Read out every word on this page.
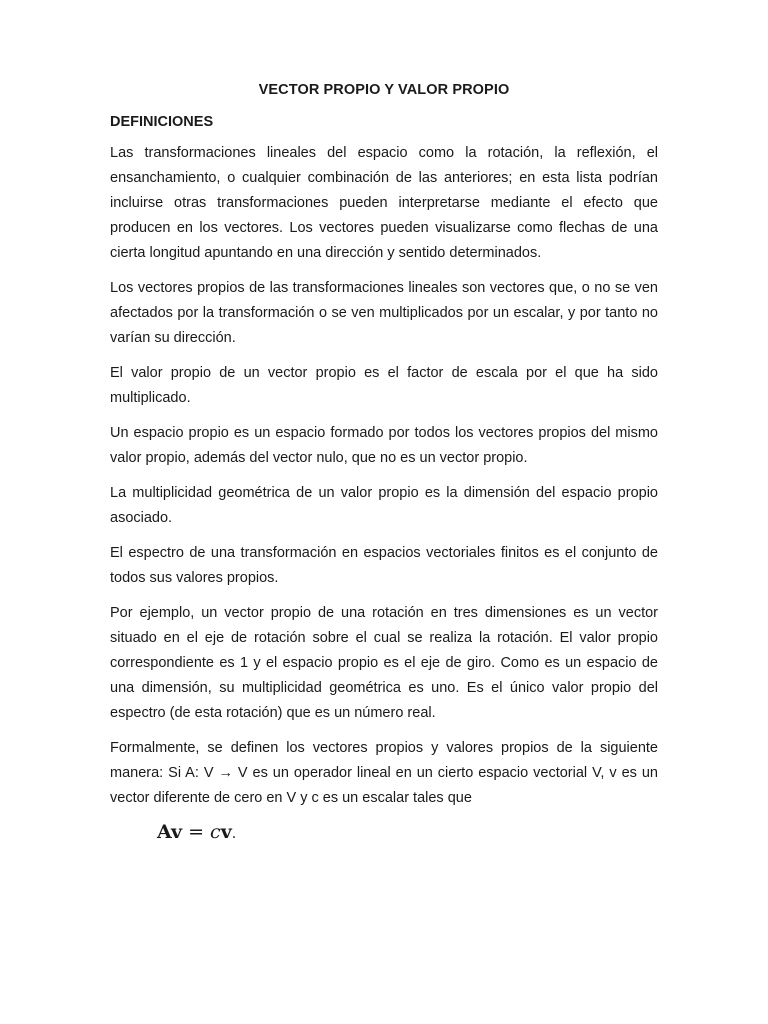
VECTOR PROPIO Y VALOR PROPIO
DEFINICIONES

Las transformaciones lineales del espacio como la rotación, la reflexión, el ensanchamiento, o cualquier combinación de las anteriores; en esta lista podrían incluirse otras transformaciones pueden interpretarse mediante el efecto que producen en los vectores. Los vectores pueden visualizarse como flechas de una cierta longitud apuntando en una dirección y sentido determinados.

Los vectores propios de las transformaciones lineales son vectores que, o no se ven afectados por la transformación o se ven multiplicados por un escalar, y por tanto no varían su dirección.

El valor propio de un vector propio es el factor de escala por el que ha sido multiplicado.

Un espacio propio es un espacio formado por todos los vectores propios del mismo valor propio, además del vector nulo, que no es un vector propio.

La multiplicidad geométrica de un valor propio es la dimensión del espacio propio asociado.

El espectro de una transformación en espacios vectoriales finitos es el conjunto de todos sus valores propios.

Por ejemplo, un vector propio de una rotación en tres dimensiones es un vector situado en el eje de rotación sobre el cual se realiza la rotación. El valor propio correspondiente es 1 y el espacio propio es el eje de giro. Como es un espacio de una dimensión, su multiplicidad geométrica es uno. Es el único valor propio del espectro (de esta rotación) que es un número real.

Formalmente, se definen los vectores propios y valores propios de la siguiente manera: Si A: V → V es un operador lineal en un cierto espacio vectorial V, v es un vector diferente de cero en V y c es un escalar tales que

Av = cv.
